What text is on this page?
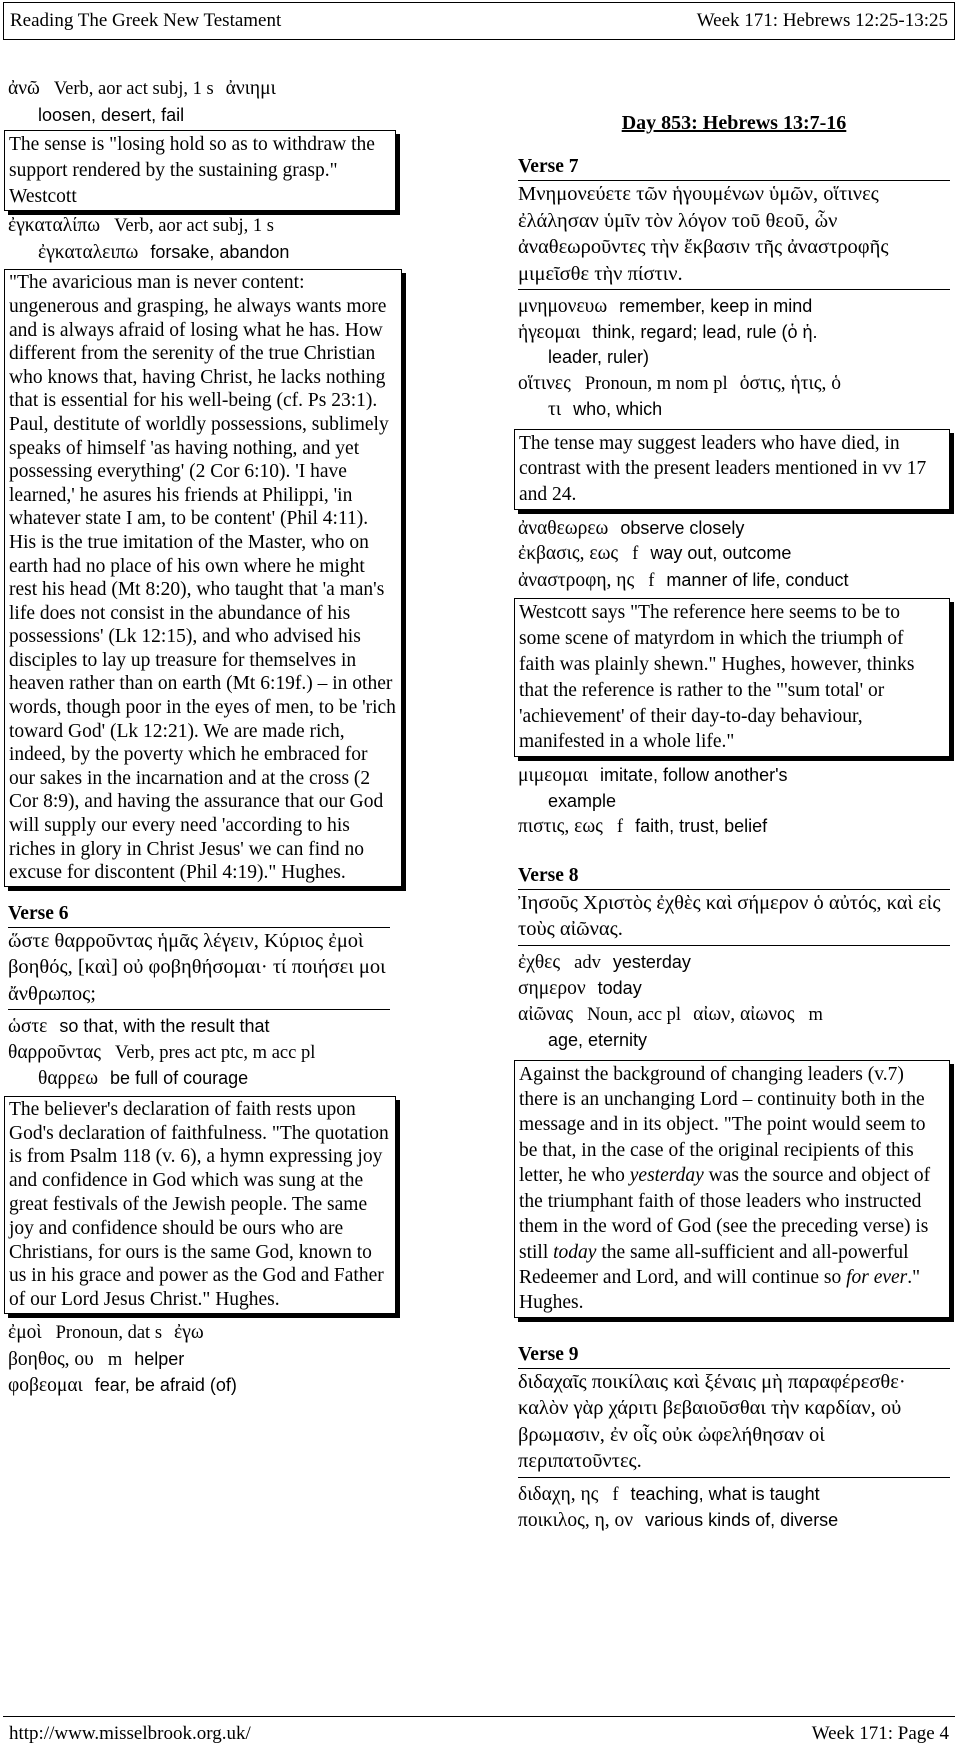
Reading The Greek New Testament	Week 171: Hebrews 12:25-13:25
ἀνῶ Verb, aor act subj, 1 s ἀνιημι
loosen, desert, fail
The sense is "losing hold so as to withdraw the support rendered by the sustaining grasp." Westcott
ἐγκαταλίπω Verb, aor act subj, 1 s
ἐγκαταλειπω forsake, abandon
"The avaricious man is never content: ungenerous and grasping, he always wants more and is always afraid of losing what he has. How different from the serenity of the true Christian who knows that, having Christ, he lacks nothing that is essential for his well-being (cf. Ps 23:1). Paul, destitute of worldly possessions, sublimely speaks of himself 'as having nothing, and yet possessing everything' (2 Cor 6:10). 'I have learned,' he asures his friends at Philippi, 'in whatever state I am, to be content' (Phil 4:11). His is the true imitation of the Master, who on earth had no place of his own where he might rest his head (Mt 8:20), who taught that 'a man's life does not consist in the abundance of his possessions' (Lk 12:15), and who advised his disciples to lay up treasure for themselves in heaven rather than on earth (Mt 6:19f.) – in other words, though poor in the eyes of men, to be 'rich toward God' (Lk 12:21). We are made rich, indeed, by the poverty which he embraced for our sakes in the incarnation and at the cross (2 Cor 8:9), and having the assurance that our God will supply our every need 'according to his riches in glory in Christ Jesus' we can find no excuse for discontent (Phil 4:19)." Hughes.
Verse 6
ὥστε θαρροῦντας ἡμᾶς λέγειν, Κύριος ἐμοὶ βοηθός, [καὶ] οὐ φοβηθήσομαι· τί ποιήσει μοι ἄνθρωπος;
ὡστε so that, with the result that
θαρροῦντας Verb, pres act ptc, m acc pl
θαρρεω be full of courage
The believer's declaration of faith rests upon God's declaration of faithfulness. "The quotation is from Psalm 118 (v. 6), a hymn expressing joy and confidence in God which was sung at the great festivals of the Jewish people. The same joy and confidence should be ours who are Christians, for ours is the same God, known to us in his grace and power as the God and Father of our Lord Jesus Christ." Hughes.
ἐμοὶ Pronoun, dat s ἐγω
βοηθος, ου m helper
φοβεομαι fear, be afraid (of)
Day 853: Hebrews 13:7-16
Verse 7
Μνημονεύετε τῶν ἡγουμένων ὑμῶν, οἵτινες ἐλάλησαν ὑμῖν τὸν λόγον τοῦ θεοῦ, ὧν ἀναθεωροῦντες τὴν ἔκβασιν τῆς ἀναστροφῆς μιμεῖσθε τὴν πίστιν.
μνημονευω remember, keep in mind
ἡγεομαι think, regard; lead, rule (ὁ ἡ.
leader, ruler)
οἵτινες Pronoun, m nom pl ὁστις, ἡτις, ὁ
τι who, which
The tense may suggest leaders who have died, in contrast with the present leaders mentioned in vv 17 and 24.
ἀναθεωρεω observe closely
ἐκβασις, εως f way out, outcome
ἀναστροφη, ης f manner of life, conduct
Westcott says "The reference here seems to be to some scene of matyrdom in which the triumph of faith was plainly shewn." Hughes, however, thinks that the reference is rather to the "'sum total' or 'achievement' of their day-to-day behaviour, manifested in a whole life."
μιμεομαι imitate, follow another's
example
πιστις, εως f faith, trust, belief
Verse 8
Ἰησοῦς Χριστὸς ἐχθὲς καὶ σήμερον ὁ αὐτός, καὶ εἰς τοὺς αἰῶνας.
ἐχθες adv yesterday
σημερον today
αἰῶνας Noun, acc pl αἰων, αἰωνος m
age, eternity
Against the background of changing leaders (v.7) there is an unchanging Lord – continuity both in the message and in its object. "The point would seem to be that, in the case of the original recipients of this letter, he who yesterday was the source and object of the triumphant faith of those leaders who instructed them in the word of God (see the preceding verse) is still today the same all-sufficient and all-powerful Redeemer and Lord, and will continue so for ever." Hughes.
Verse 9
διδαχαῖς ποικίλαις καὶ ξέναις μὴ παραφέρεσθε· καλὸν γὰρ χάριτι βεβαιοῦσθαι τὴν καρδίαν, οὐ βρωμασιν, ἐν οἷς οὐκ ὠφελήθησαν οἱ περιπατοῦντες.
διδαχη, ης f teaching, what is taught
ποικιλος, η, ον various kinds of, diverse
http://www.misselbrook.org.uk/	Week 171: Page 4
